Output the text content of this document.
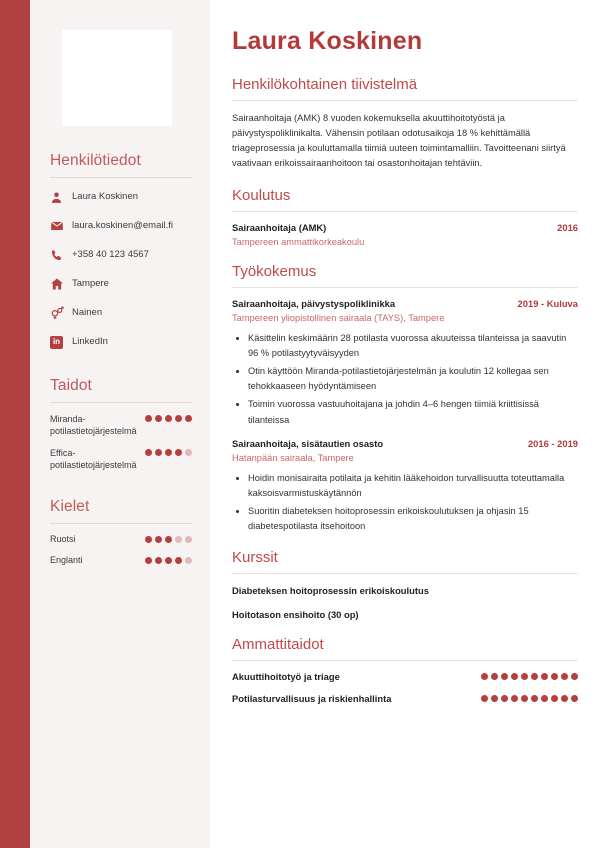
Henkilötiedot
Laura Koskinen
laura.koskinen@email.fi
+358 40 123 4567
Tampere
Nainen
in	LinkedIn
Taidot
Miranda-potilastietojärjestelmä
Effica-potilastietojärjestelmä
Kielet
Ruotsi
Englanti
Laura Koskinen
Henkilökohtainen tiivistelmä
Sairaanhoitaja (AMK) 8 vuoden kokemuksella akuuttihoitotyöstä ja päivystyspoliklinikalta. Vähensin potilaan odotusaikoja 18 % kehittämällä triageprosessia ja kouluttamalla tiimiä uuteen toimintamalliin. Tavoitteenani siirtyä vaativaan erikoissairaanhoitoon tai osastonhoitajan tehtäviin.
Koulutus
Sairaanhoitaja (AMK)	2016
Tampereen ammattikorkeakoulu
Työkokemus
Sairaanhoitaja, päivystyspoliklinikka	2019 - Kuluva
Tampereen yliopistollinen sairaala (TAYS), Tampere
• Käsittelin keskimäärin 28 potilasta vuorossa akuuteissa tilanteissa ja saavutin 96 % potilastyytyväisyyden
• Otin käyttöön Miranda-potilastietojärjestelmän ja koulutin 12 kollegaa sen tehokkaaseen hyödyntämiseen
• Toimin vuorossa vastuuhoitajana ja johdin 4–6 hengen tiimiä kriittisissä tilanteissa
Sairaanhoitaja, sisätautien osasto	2016 - 2019
Hatanpään sairaala, Tampere
• Hoidin monisairaita potilaita ja kehitin lääkehoidon turvallisuutta toteuttamalla kaksoisvarmistuskäytännön
• Suoritin diabeteksen hoitoprosessin erikoiskoulutuksen ja ohjasin 15 diabetespotilasta itsehoitoon
Kurssit
Diabeteksen hoitoprosessin erikoiskoulutus
Hoitotason ensihoito (30 op)
Ammattitaidot
Akuuttihoitotyö ja triage
Potilasturvallisuus ja riskienhallinta
